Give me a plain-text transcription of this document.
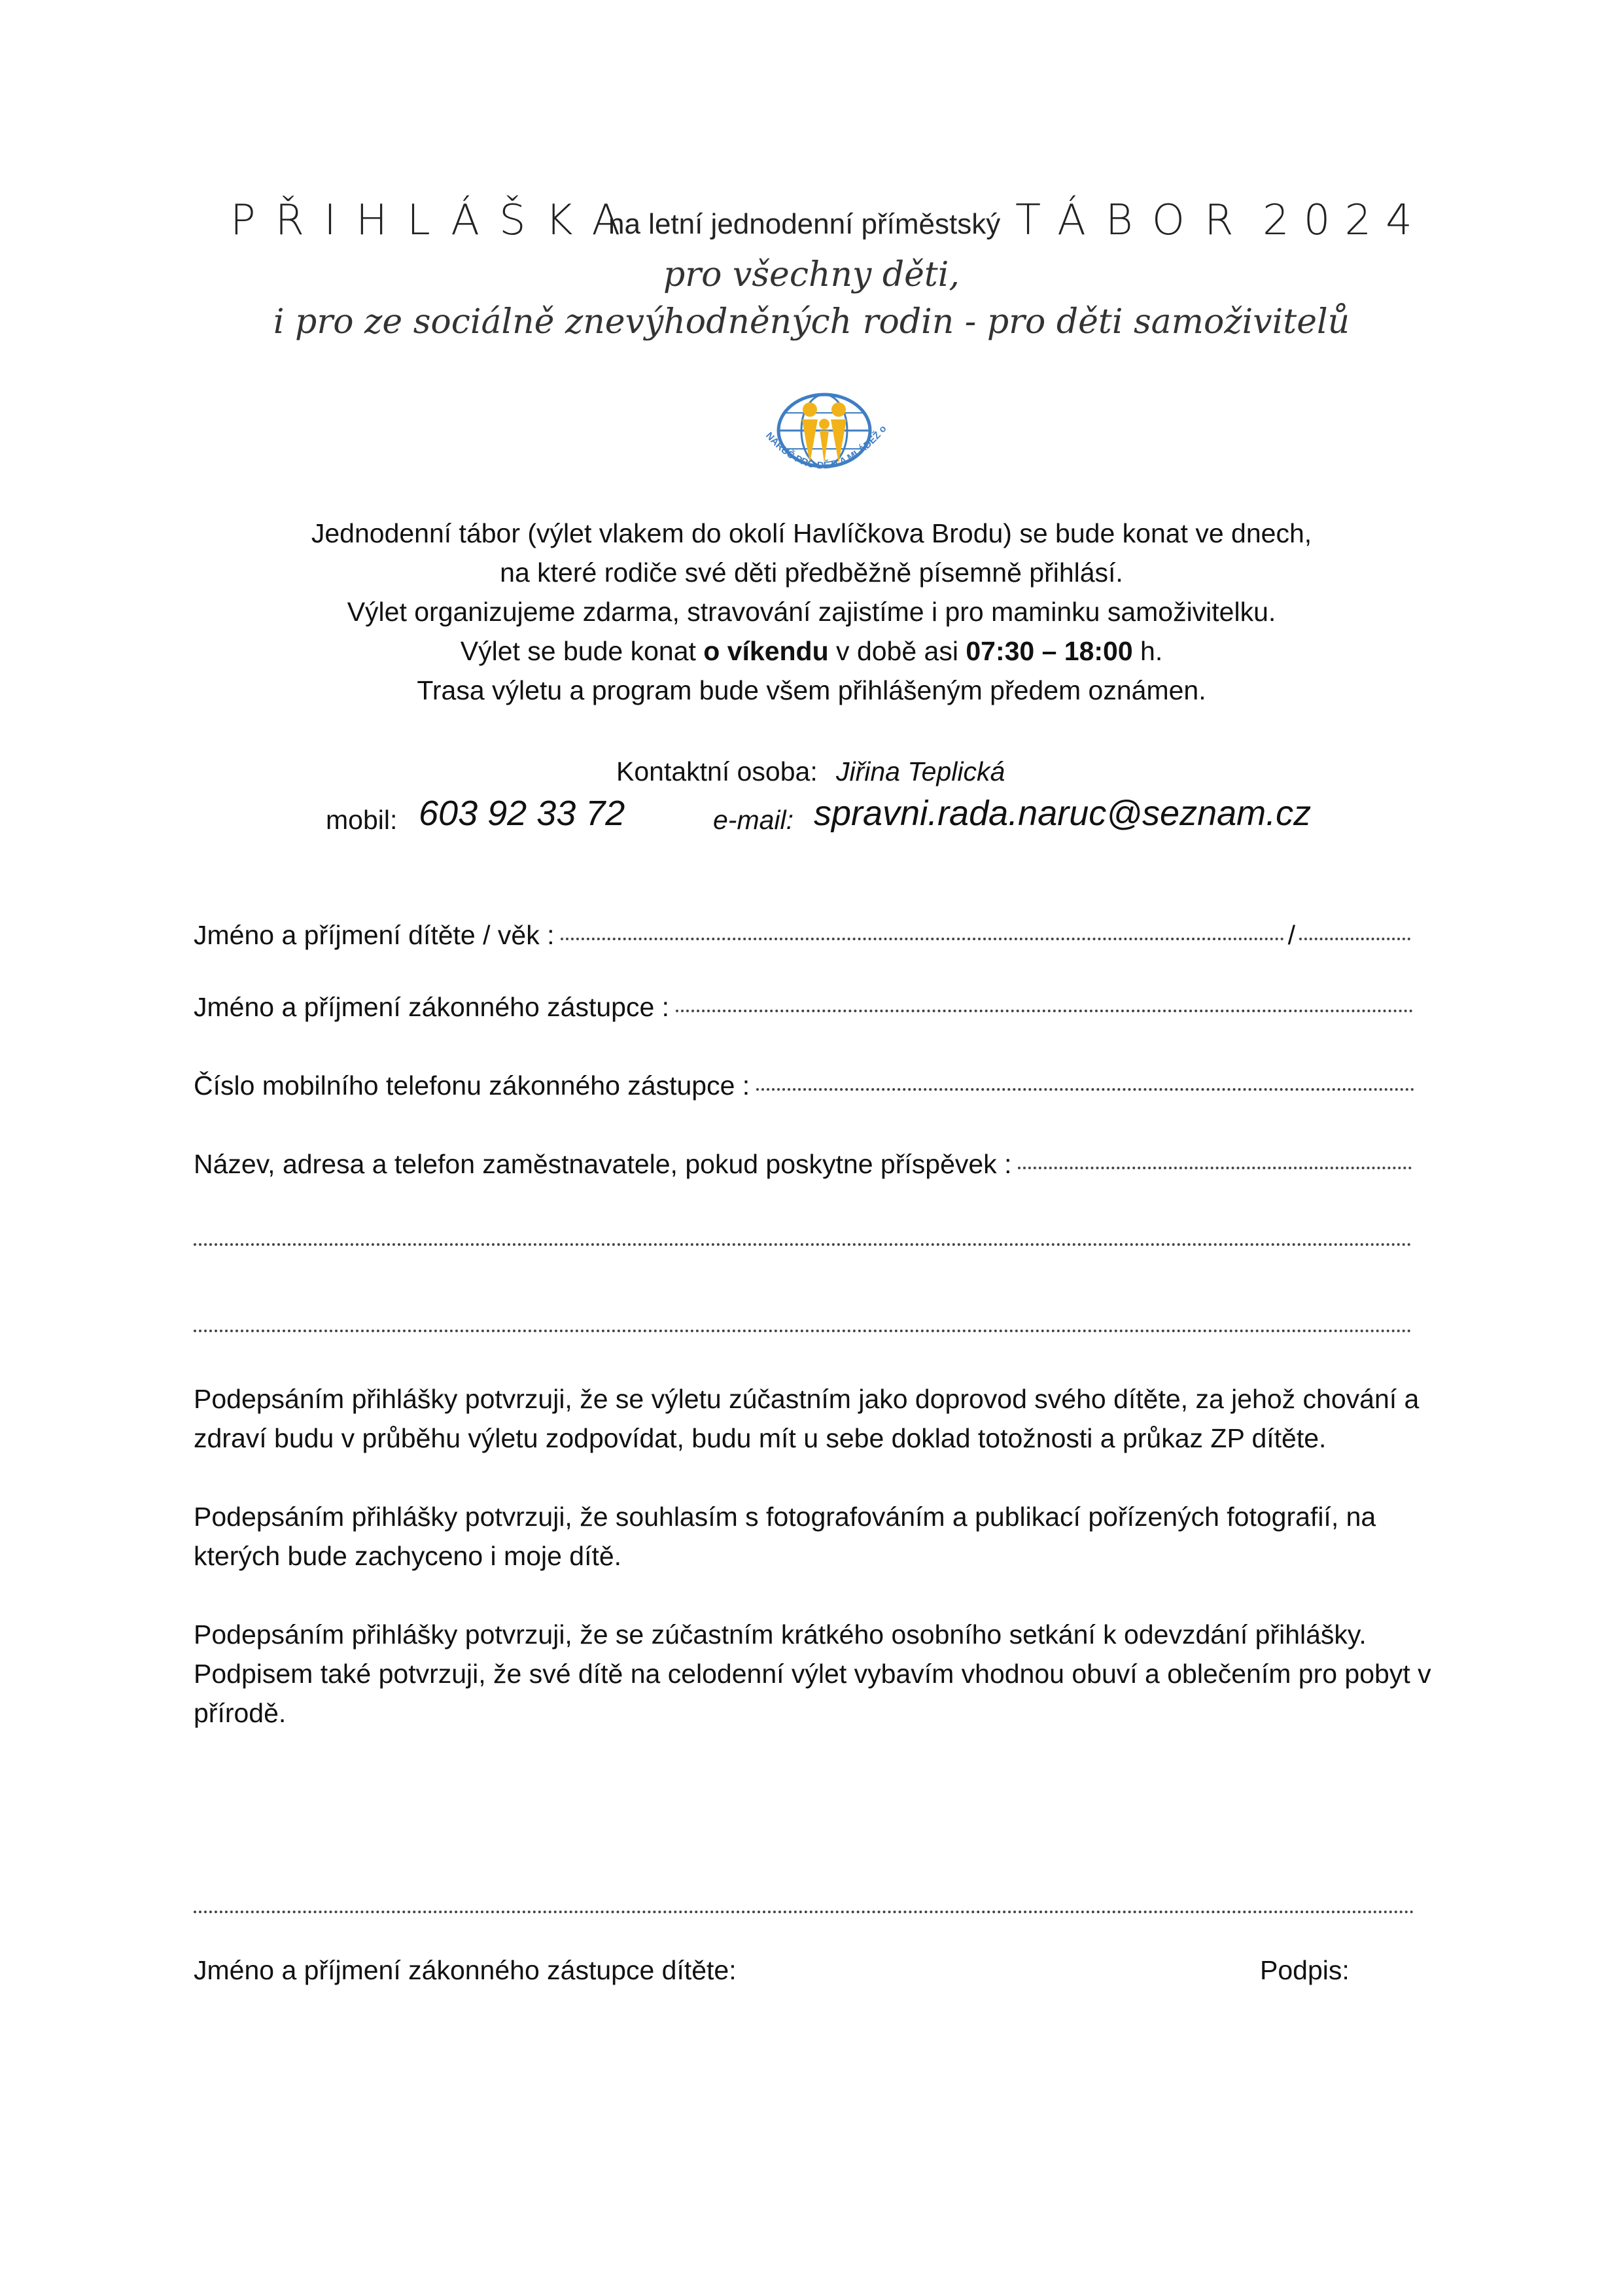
PŘIHLÁŠKA
na letní jednodenní příměstský TÁBOR 2024
pro všechny děti,
i pro ze sociálně znevýhodněných rodin - pro děti samoživitelů
NARUČ PRO DĚTI A MLÁDEŽ o
Jednodenní tábor (výlet vlakem do okolí Havlíčkova Brodu) se bude konat ve dnech,
na které rodiče své děti předběžně písemně přihlásí.
Výlet organizujeme zdarma, stravování zajistíme i pro maminku samoživitelku.
Výlet se bude konat o víkendu v době asi 07:30 – 18:00 h.
Trasa výletu a program bude všem přihlášeným předem oznámen.
Kontaktní osoba: Jiřina Teplická
mobil: 603 92 33 72	e-mail: spravni.rada.naruc@seznam.cz
Jméno a příjmení dítěte / věk :	/
Jméno a příjmení zákonného zástupce :
Číslo mobilního telefonu zákonného zástupce :
Název, adresa a telefon zaměstnavatele, pokud poskytne příspěvek :
Podepsáním přihlášky potvrzuji, že se výletu zúčastním jako doprovod svého dítěte, za jehož chování a zdraví budu v průběhu výletu zodpovídat, budu mít u sebe doklad totožnosti a průkaz ZP dítěte.
Podepsáním přihlášky potvrzuji, že souhlasím s fotografováním a publikací pořízených fotografií, na kterých bude zachyceno i moje dítě.
Podepsáním přihlášky potvrzuji, že se zúčastním krátkého osobního setkání k odevzdání přihlášky. Podpisem také potvrzuji, že své dítě na celodenní výlet vybavím vhodnou obuví a oblečením pro pobyt v přírodě.
Jméno a příjmení zákonného zástupce dítěte:	Podpis:
